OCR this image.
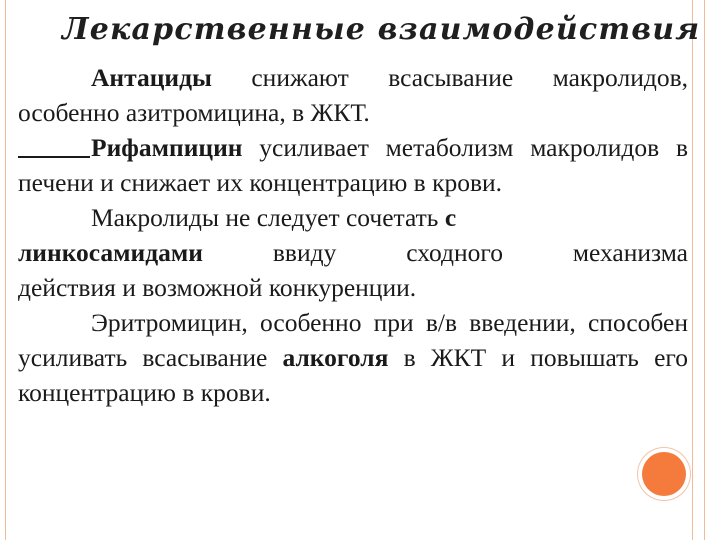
Лекарственные взаимодействия

Антациды снижают всасывание макролидов, особенно азитромицина, в ЖКТ.

Рифампицин усиливает метаболизм макролидов в печени и снижает их концентрацию в крови.

Макролиды не следует сочетать с

линкосамидами ввиду сходного механизма

действия и возможной конкуренции.

Эритромицин, особенно при в/в введении, способен усиливать всасывание алкоголя в ЖКТ и повышать его концентрацию в крови.
